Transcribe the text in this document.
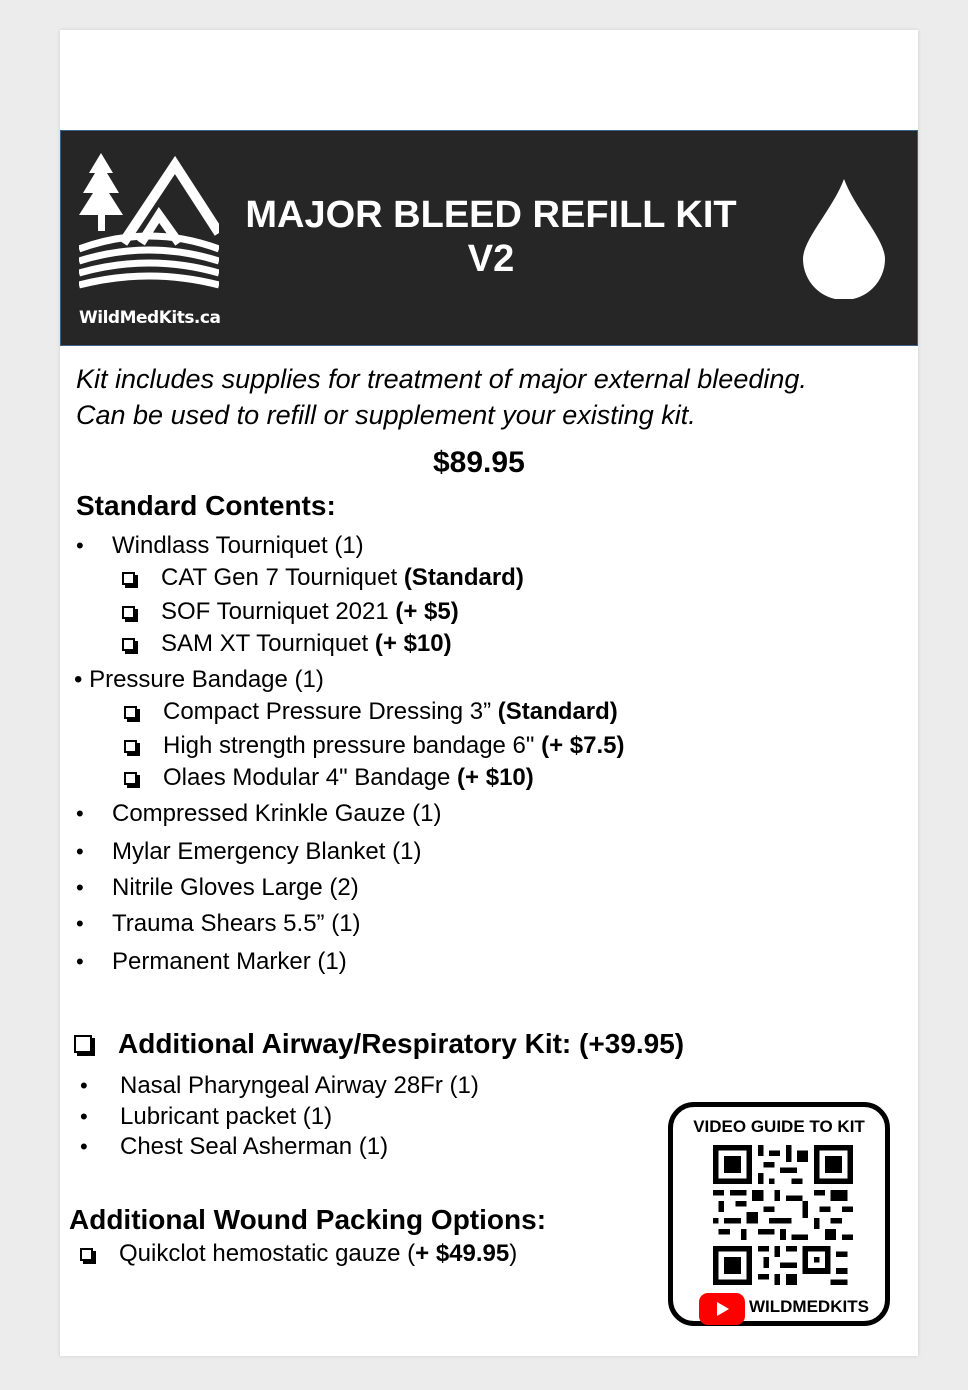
WildMedKits.ca
MAJOR BLEED REFILL KIT
V2
Kit includes supplies for treatment of major external bleeding.
Can be used to refill or supplement your existing kit.
$89.95
Standard Contents:
• Windlass Tourniquet (1)
CAT Gen 7 Tourniquet (Standard)
SOF Tourniquet 2021 (+ $5)
SAM XT Tourniquet (+ $10)
• Pressure Bandage (1)
Compact Pressure Dressing 3” (Standard)
High strength pressure bandage 6" (+ $7.5)
Olaes Modular 4" Bandage (+ $10)
• Compressed Krinkle Gauze (1)
• Mylar Emergency Blanket (1)
• Nitrile Gloves Large (2)
• Trauma Shears 5.5” (1)
• Permanent Marker (1)
Additional Airway/Respiratory Kit: (+39.95)
• Nasal Pharyngeal Airway 28Fr (1)
• Lubricant packet (1)
• Chest Seal Asherman (1)
Additional Wound Packing Options:
Quikclot hemostatic gauze (+ $49.95)
VIDEO GUIDE TO KIT
WILDMEDKITS
